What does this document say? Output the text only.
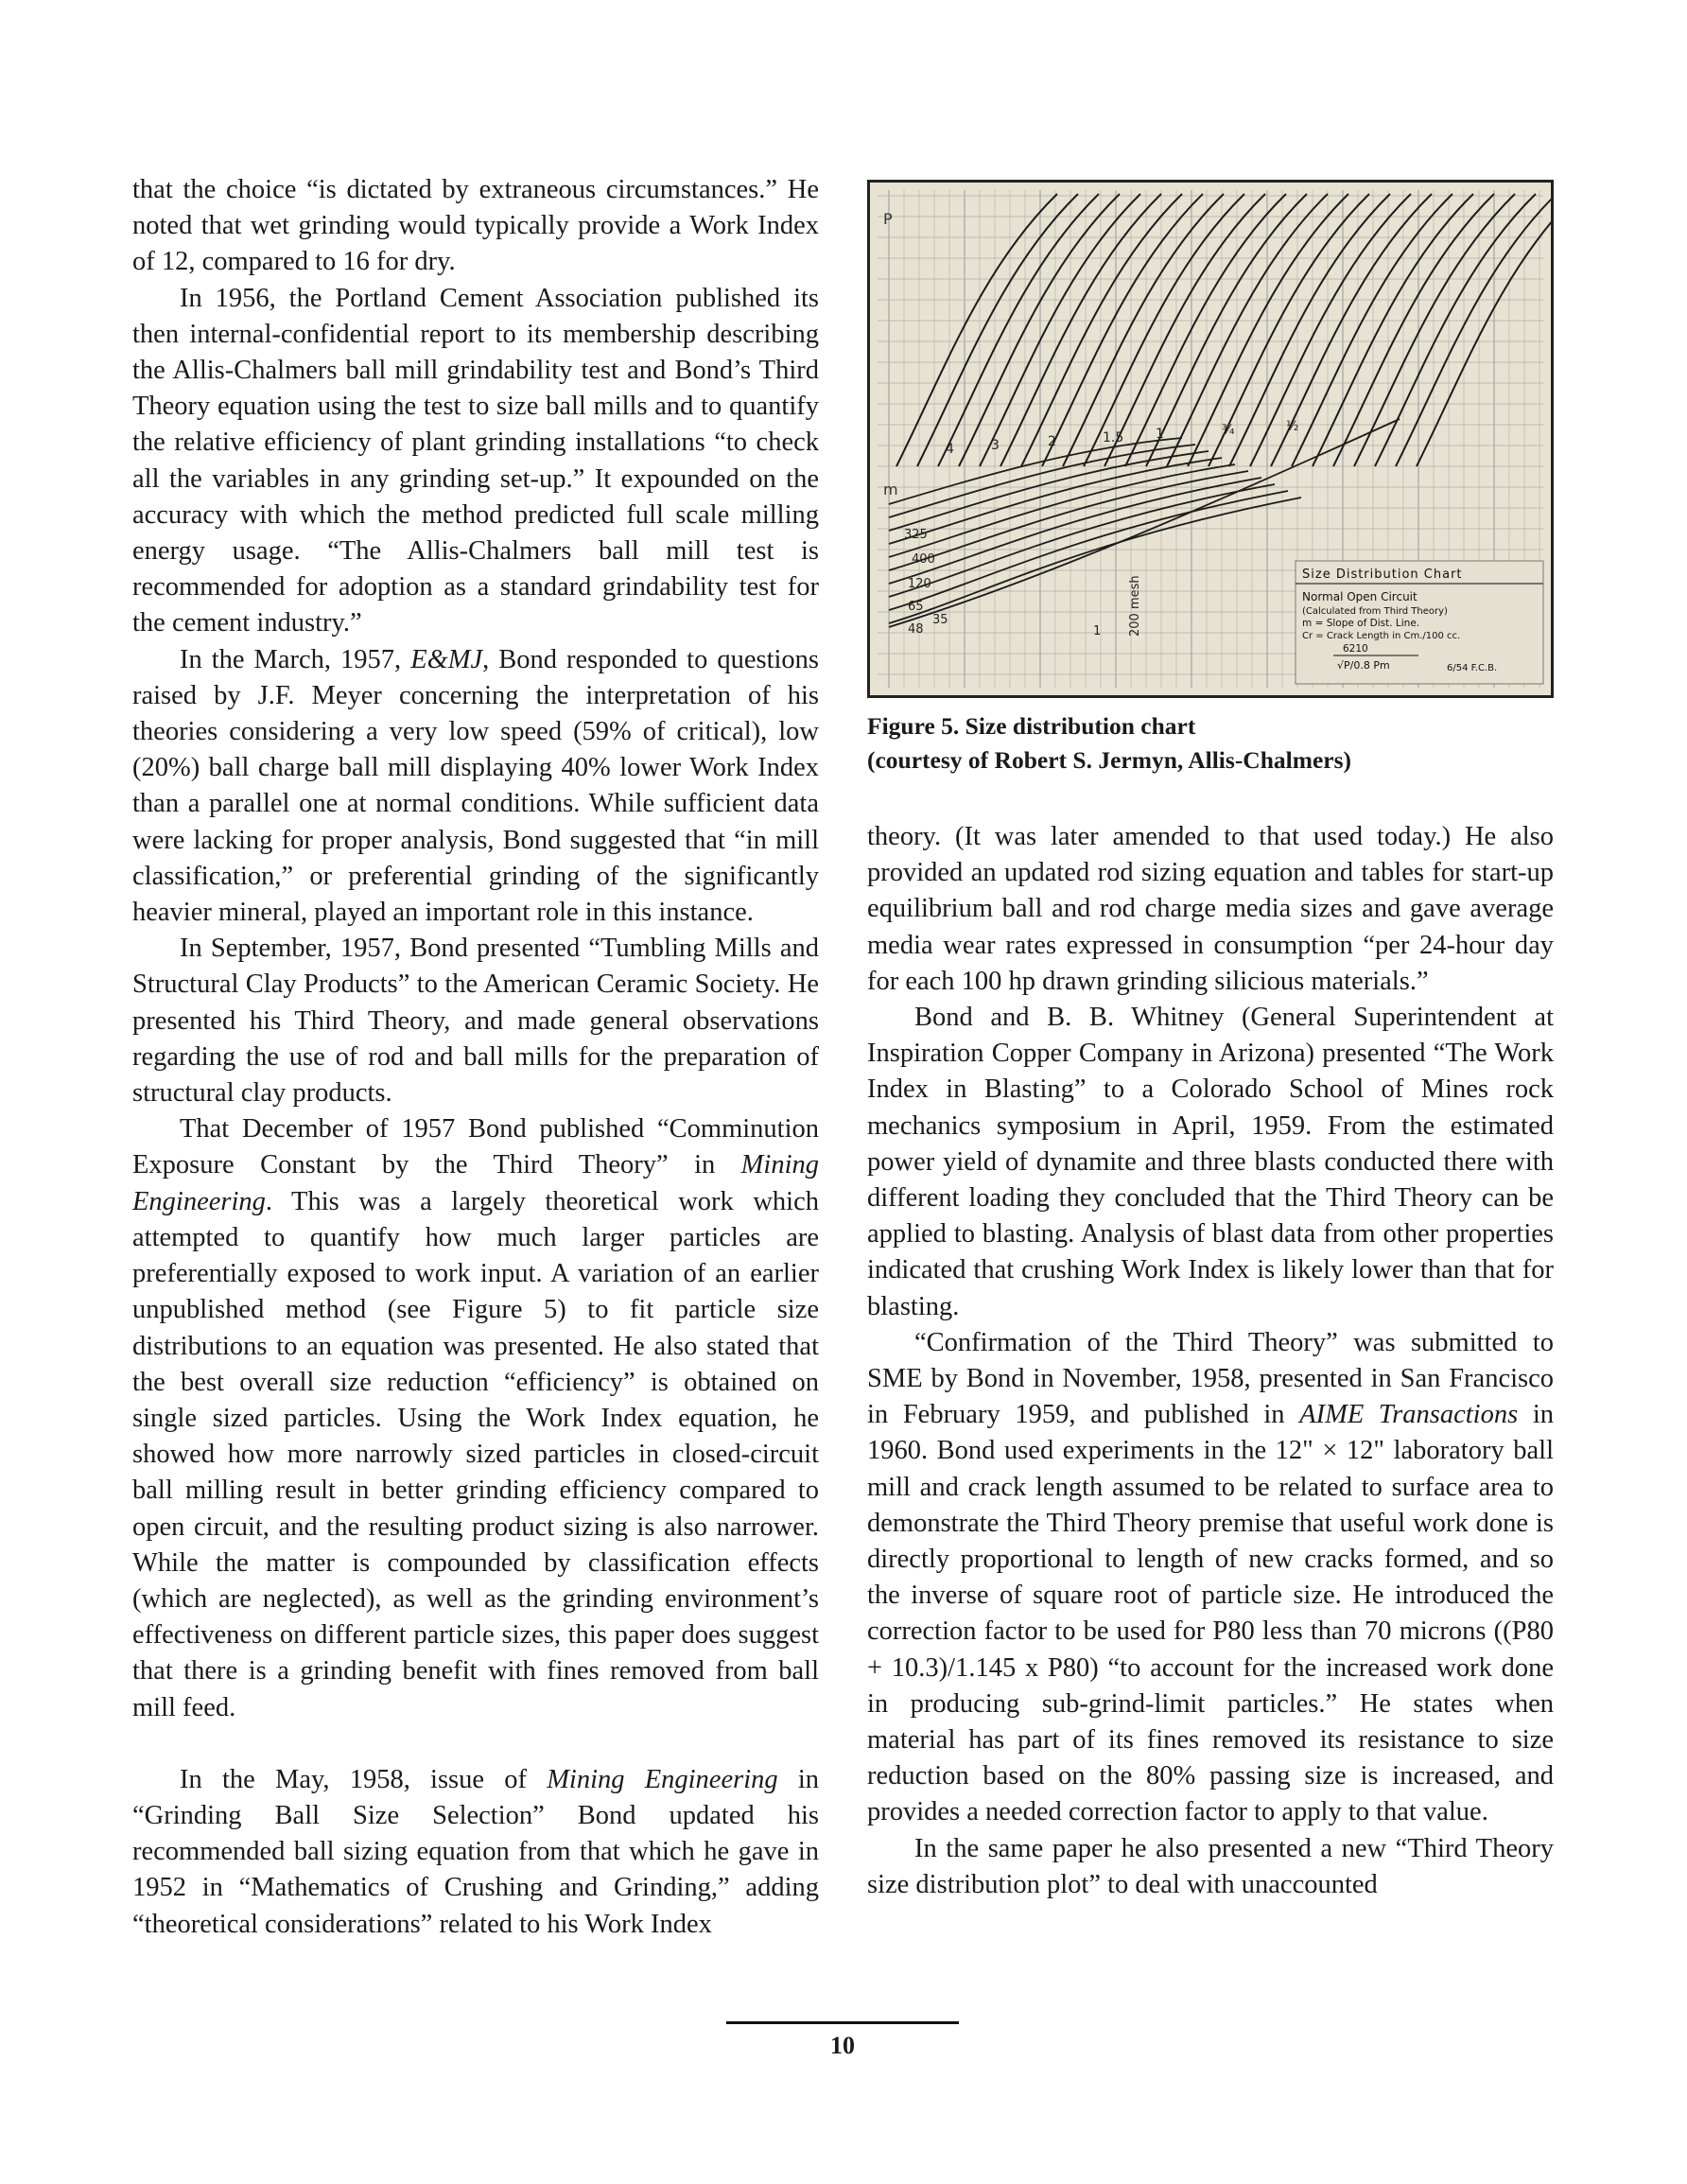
that the choice “is dictated by extraneous circumstances.” He noted that wet grinding would typically provide a Work Index of 12, compared to 16 for dry.

In 1956, the Portland Cement Association published its then internal-confidential report to its membership describing the Allis-Chalmers ball mill grindability test and Bond’s Third Theory equation using the test to size ball mills and to quantify the relative efficiency of plant grinding installations “to check all the variables in any grinding set-up.” It expounded on the accuracy with which the method predicted full scale milling energy usage. “The Allis-Chalmers ball mill test is recommended for adoption as a standard grindability test for the cement industry.”

In the March, 1957, E&MJ, Bond responded to questions raised by J.F. Meyer concerning the interpretation of his theories considering a very low speed (59% of critical), low (20%) ball charge ball mill displaying 40% lower Work Index than a parallel one at normal conditions. While sufficient data were lacking for proper analysis, Bond suggested that “in mill classification,” or preferential grinding of the significantly heavier mineral, played an important role in this instance.

In September, 1957, Bond presented “Tumbling Mills and Structural Clay Products” to the American Ceramic Society. He presented his Third Theory, and made general observations regarding the use of rod and ball mills for the preparation of structural clay products.

That December of 1957 Bond published “Comminution Exposure Constant by the Third Theory” in Mining Engineering. This was a largely theoretical work which attempted to quantify how much larger particles are preferentially exposed to work input. A variation of an earlier unpublished method (see Figure 5) to fit particle size distributions to an equation was presented. He also stated that the best overall size reduction “efficiency” is obtained on single sized particles. Using the Work Index equation, he showed how more narrowly sized particles in closed-circuit ball milling result in better grinding efficiency compared to open circuit, and the resulting product sizing is also narrower. While the matter is compounded by classification effects (which are neglected), as well as the grinding environment’s effectiveness on different particle sizes, this paper does suggest that there is a grinding benefit with fines removed from ball mill feed.

In the May, 1958, issue of Mining Engineering in “Grinding Ball Size Selection” Bond updated his recommended ball sizing equation from that which he gave in 1952 in “Mathematics of Crushing and Grinding,” adding “theoretical considerations” related to his Work Index

P
m
4	3	2	1.5 1	¾	½
325
400
120
65
48
35	200 mesh
1
Size Distribution Chart
Normal Open Circuit
(Calculated from Third Theory)
m = Slope of Dist. Line.
Cr = Crack Length in Cm./100 cc.
6210
√P/0.8 Pm	6/54 F.C.B.
Figure 5. Size distribution chart
(courtesy of Robert S. Jermyn, Allis-Chalmers)

theory. (It was later amended to that used today.) He also provided an updated rod sizing equation and tables for start-up equilibrium ball and rod charge media sizes and gave average media wear rates expressed in consumption “per 24-hour day for each 100 hp drawn grinding silicious materials.”

Bond and B. B. Whitney (General Superintendent at Inspiration Copper Company in Arizona) presented “The Work Index in Blasting” to a Colorado School of Mines rock mechanics symposium in April, 1959. From the estimated power yield of dynamite and three blasts conducted there with different loading they concluded that the Third Theory can be applied to blasting. Analysis of blast data from other properties indicated that crushing Work Index is likely lower than that for blasting.

“Confirmation of the Third Theory” was submitted to SME by Bond in November, 1958, presented in San Francisco in February 1959, and published in AIME Transactions in 1960. Bond used experiments in the 12" × 12" laboratory ball mill and crack length assumed to be related to surface area to demonstrate the Third Theory premise that useful work done is directly proportional to length of new cracks formed, and so the inverse of square root of particle size. He introduced the correction factor to be used for P80 less than 70 microns ((P80 + 10.3)/1.145 x P80) “to account for the increased work done in producing sub-grind-limit particles.” He states when material has part of its fines removed its resistance to size reduction based on the 80% passing size is increased, and provides a needed correction factor to apply to that value.

In the same paper he also presented a new “Third Theory size distribution plot” to deal with unaccounted

10
